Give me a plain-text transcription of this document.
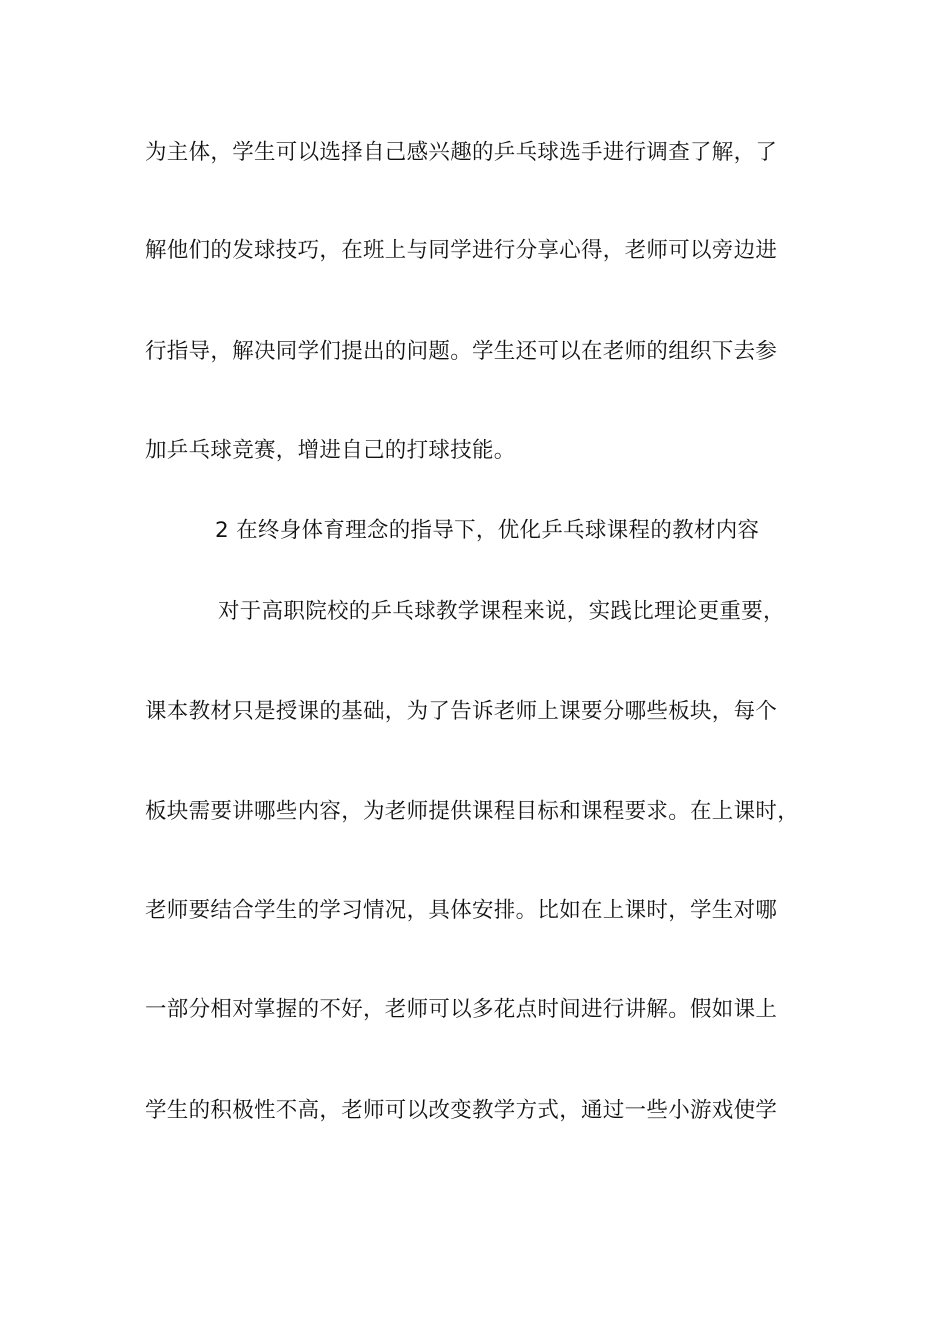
为主体，学生可以选择自己感兴趣的乒乓球选手进行调查了解，了
解他们的发球技巧，在班上与同学进行分享心得，老师可以旁边进
行指导，解决同学们提出的问题。学生还可以在老师的组织下去参
加乒乓球竞赛，增进自己的打球技能。
2 在终身体育理念的指导下，优化乒乓球课程的教材内容
对于高职院校的乒乓球教学课程来说，实践比理论更重要，
课本教材只是授课的基础，为了告诉老师上课要分哪些板块，每个
板块需要讲哪些内容，为老师提供课程目标和课程要求。在上课时，
老师要结合学生的学习情况，具体安排。比如在上课时，学生对哪
一部分相对掌握的不好，老师可以多花点时间进行讲解。假如课上
学生的积极性不高，老师可以改变教学方式，通过一些小游戏使学
